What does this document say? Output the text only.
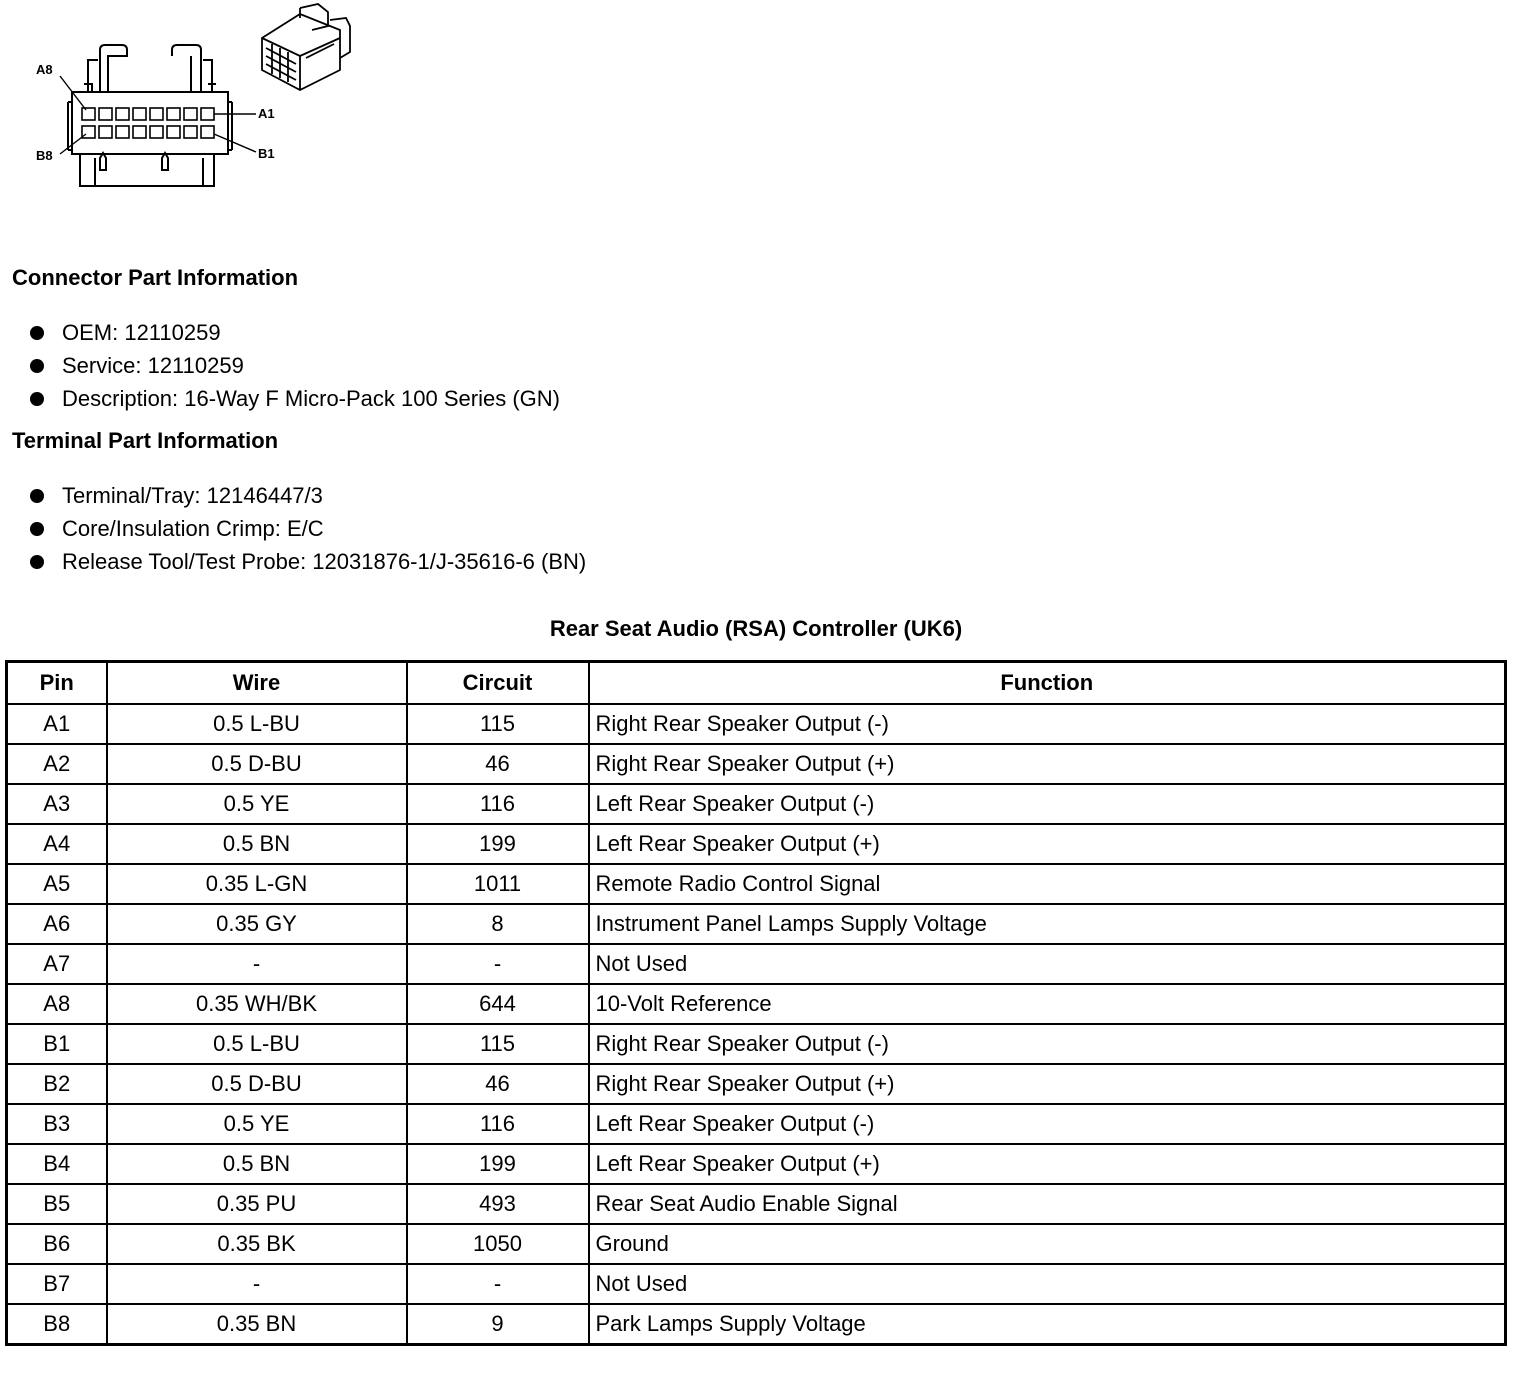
A8
A1
B8	B1
Connector Part Information
OEM: 12110259
Service: 12110259
Description: 16-Way F Micro-Pack 100 Series (GN)
Terminal Part Information
Terminal/Tray: 12146447/3
Core/Insulation Crimp: E/C
Release Tool/Test Probe: 12031876-1/J-35616-6 (BN)
Rear Seat Audio (RSA) Controller (UK6)
Pin	Wire	Circuit	Function
A1	0.5 L-BU	115	Right Rear Speaker Output (-)
A2	0.5 D-BU	46	Right Rear Speaker Output (+)
A3	0.5 YE	116	Left Rear Speaker Output (-)
A4	0.5 BN	199	Left Rear Speaker Output (+)
A5	0.35 L-GN	1011	Remote Radio Control Signal
A6	0.35 GY	8	Instrument Panel Lamps Supply Voltage
A7	-	-	Not Used
A8	0.35 WH/BK	644	10-Volt Reference
B1	0.5 L-BU	115	Right Rear Speaker Output (-)
B2	0.5 D-BU	46	Right Rear Speaker Output (+)
B3	0.5 YE	116	Left Rear Speaker Output (-)
B4	0.5 BN	199	Left Rear Speaker Output (+)
B5	0.35 PU	493	Rear Seat Audio Enable Signal
B6	0.35 BK	1050	Ground
B7	-	-	Not Used
B8	0.35 BN	9	Park Lamps Supply Voltage
